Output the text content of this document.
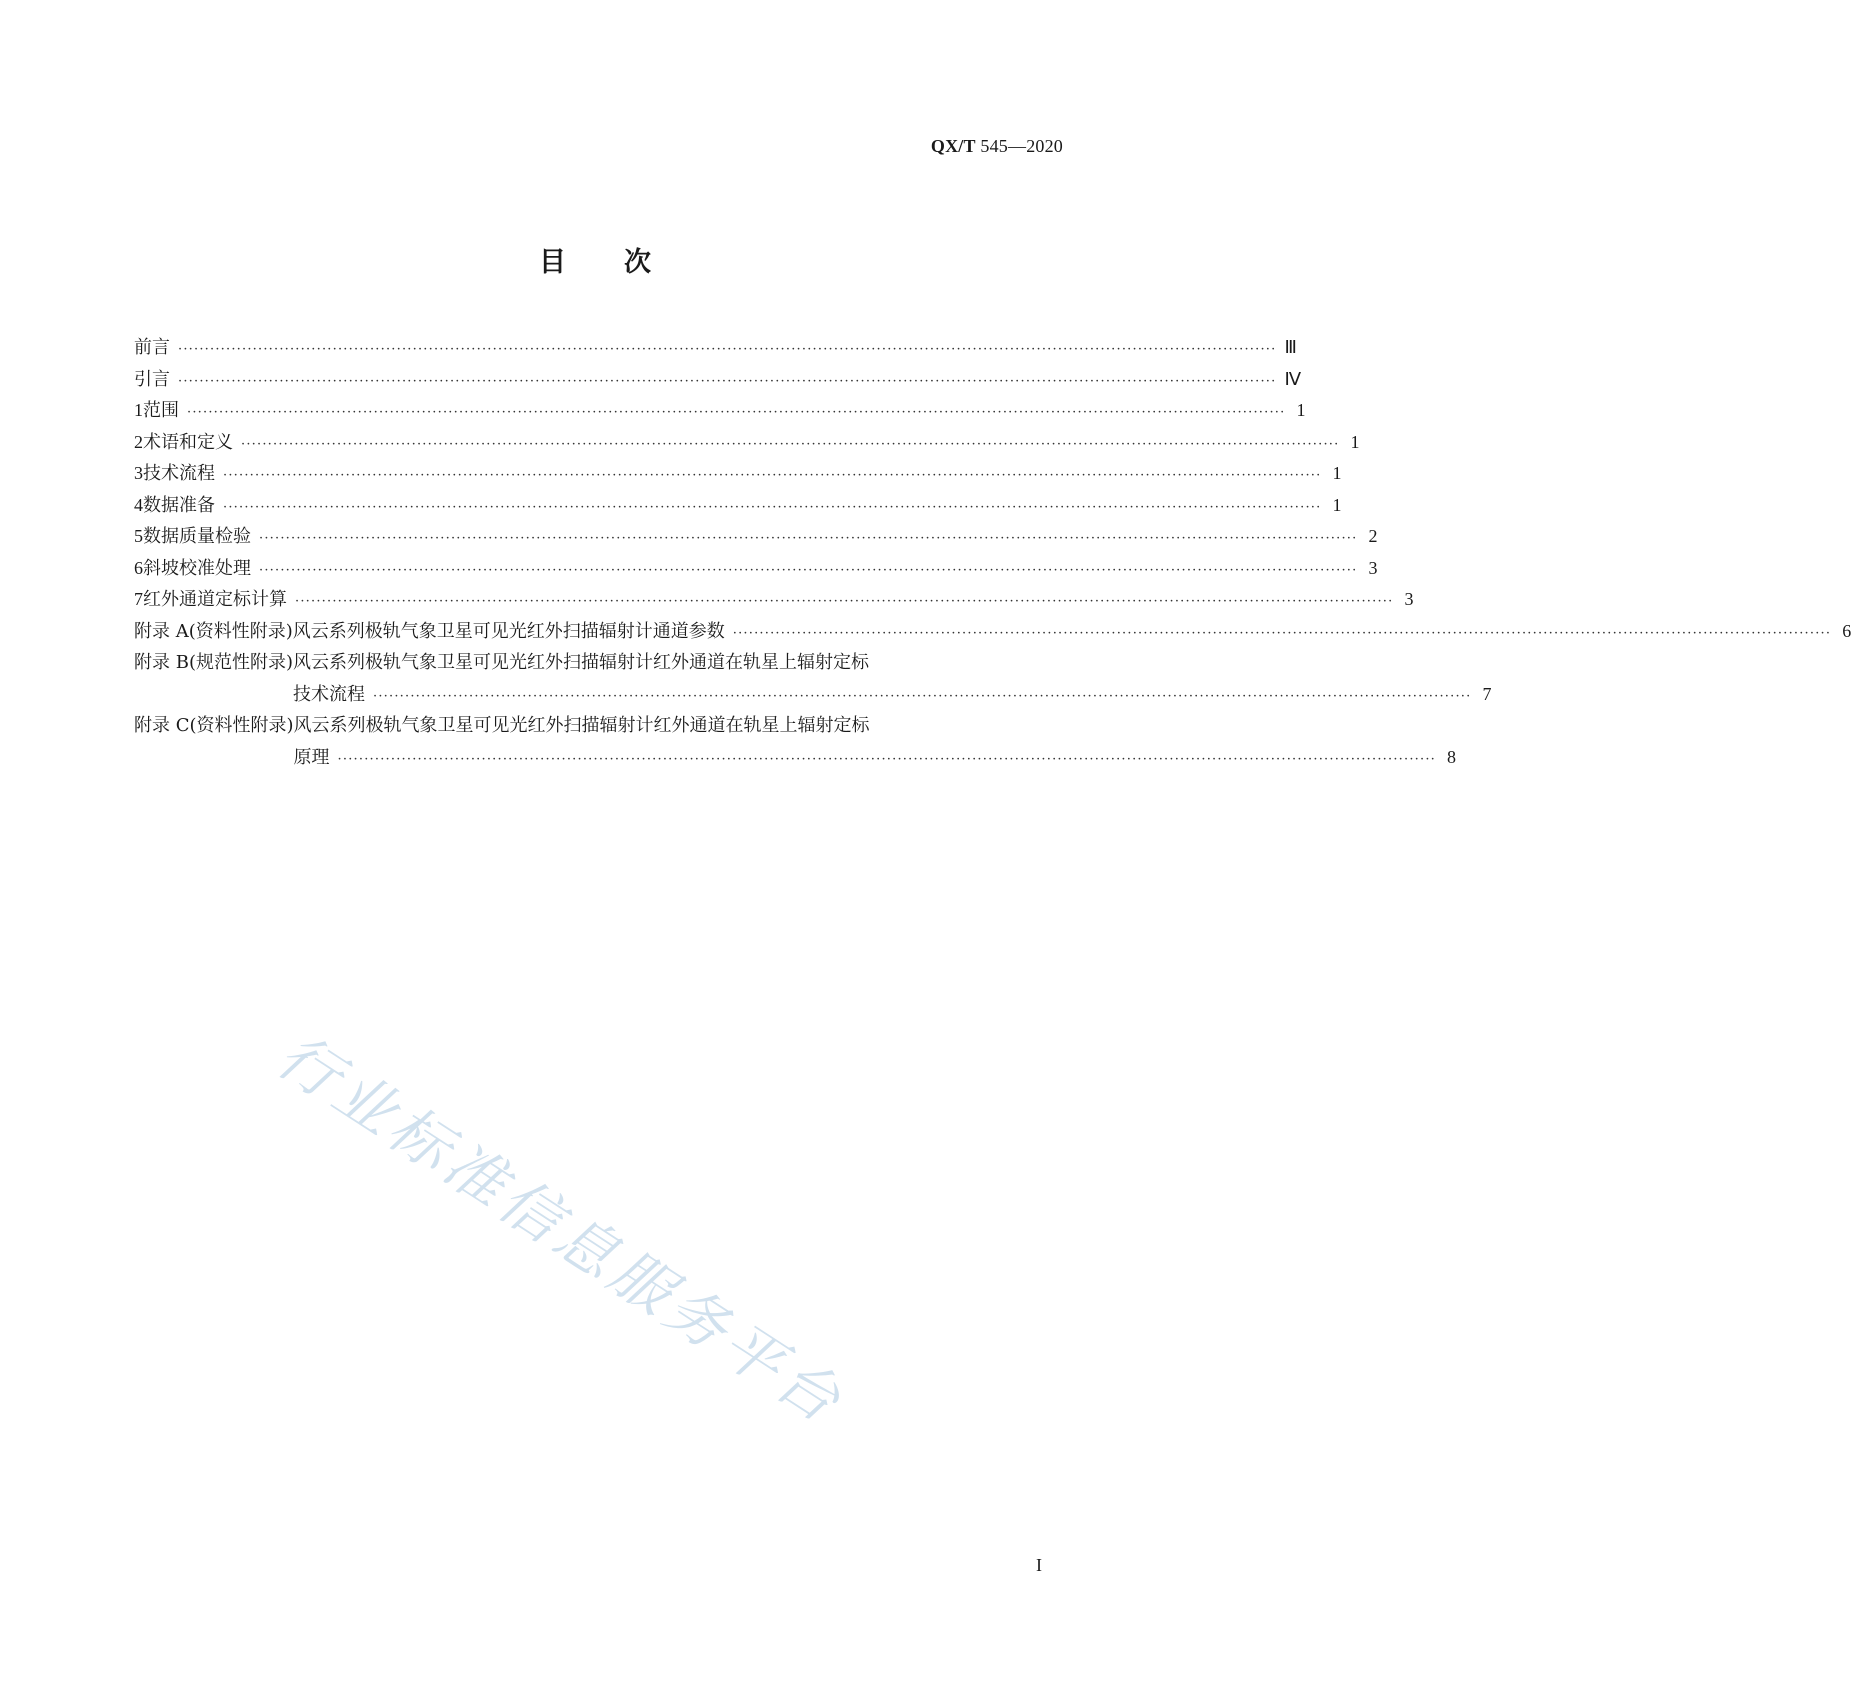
QX/T 545—2020
目 次
前言 ·····	Ⅲ
引言 ·····	Ⅳ
1 范围 ·····	1
2 术语和定义 ·····	1
3 技术流程 ·····	1
4 数据准备 ·····	1
5 数据质量检验 ·····	2
6 斜坡校准处理 ·····	3
7 红外通道定标计算 ·····	3
附录 A(资料性附录) 风云系列极轨气象卫星可见光红外扫描辐射计通道参数 ·····	6
附录 B(规范性附录) 风云系列极轨气象卫星可见光红外扫描辐射计红外通道在轨星上辐射定标
技术流程 ·····	7
附录 C(资料性附录) 风云系列极轨气象卫星可见光红外扫描辐射计红外通道在轨星上辐射定标
原理 ·····	8
行业标准信息服务平台
I
